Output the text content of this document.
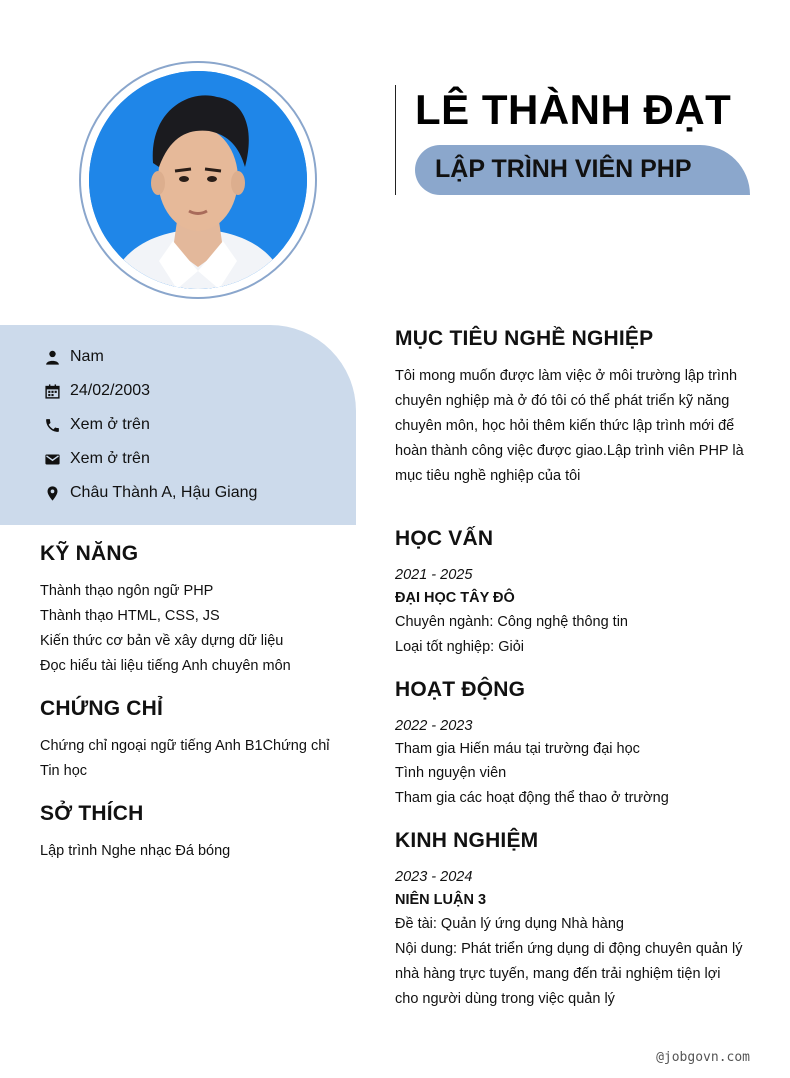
LÊ THÀNH ĐẠT
LẬP TRÌNH VIÊN PHP
Nam
24/02/2003
Xem ở trên
Xem ở trên
Châu Thành A, Hậu Giang
KỸ NĂNG
Thành thạo ngôn ngữ PHP
Thành thạo HTML, CSS, JS
Kiến thức cơ bản về xây dựng dữ liệu
Đọc hiểu tài liệu tiếng Anh chuyên môn
CHỨNG CHỈ
Chứng chỉ ngoại ngữ tiếng Anh B1Chứng chỉ
Tin học
SỞ THÍCH
Lập trình Nghe nhạc Đá bóng
MỤC TIÊU NGHỀ NGHIỆP
Tôi mong muốn được làm việc ở môi trường lập trình
chuyên nghiệp mà ở đó tôi có thể phát triển kỹ năng
chuyên môn, học hỏi thêm kiến thức lập trình mới để
hoàn thành công việc được giao.Lập trình viên PHP là
mục tiêu nghề nghiệp của tôi
HỌC VẤN
2021 - 2025
ĐẠI HỌC TÂY ĐÔ
Chuyên ngành: Công nghệ thông tin
Loại tốt nghiệp: Giỏi
HOẠT ĐỘNG
2022 - 2023
Tham gia Hiến máu tại trường đại học
Tình nguyện viên
Tham gia các hoạt động thể thao ở trường
KINH NGHIỆM
2023 - 2024
NIÊN LUẬN 3
Đề tài: Quản lý ứng dụng Nhà hàng
Nội dung: Phát triển ứng dụng di động chuyên quản lý
nhà hàng trực tuyến, mang đến trải nghiệm tiện lợi
cho người dùng trong việc quản lý
@jobgovn.com
